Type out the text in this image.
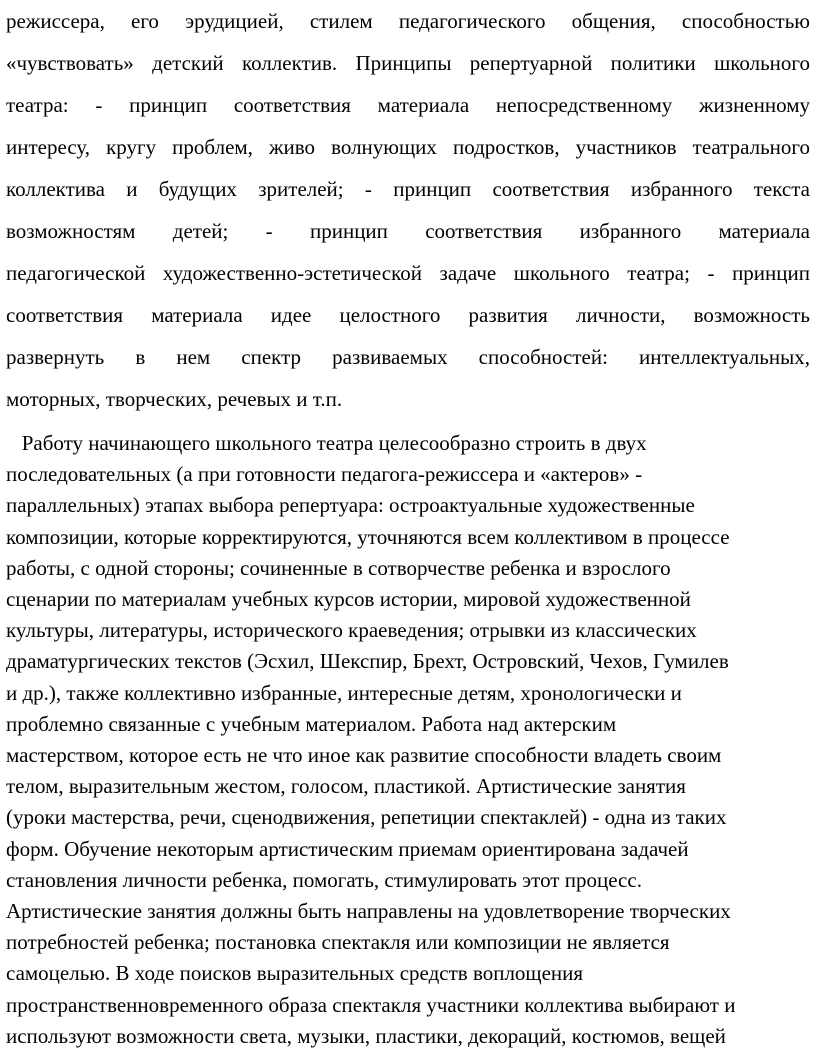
режиссера, его эрудицией, стилем педагогического общения, способностью
«чувствовать» детский коллектив. Принципы репертуарной политики школьного
театра: - принцип соответствия материала непосредственному жизненному
интересу, кругу проблем, живо волнующих подростков, участников театрального
коллектива и будущих зрителей; - принцип соответствия избранного текста
возможностям детей; - принцип соответствия избранного материала
педагогической художественно-эстетической задаче школьного театра; - принцип
соответствия материала идее целостного развития личности, возможность
развернуть в нем спектр развиваемых способностей: интеллектуальных,
моторных, творческих, речевых и т.п.
Работу начинающего школьного театра целесообразно строить в двух
последовательных (а при готовности педагога-режиссера и «актеров» -
параллельных) этапах выбора репертуара: остроактуальные художественные
композиции, которые корректируются, уточняются всем коллективом в процессе
работы, с одной стороны; сочиненные в сотворчестве ребенка и взрослого
сценарии по материалам учебных курсов истории, мировой художественной
культуры, литературы, исторического краеведения; отрывки из классических
драматургических текстов (Эсхил, Шекспир, Брехт, Островский, Чехов, Гумилев
и др.), также коллективно избранные, интересные детям, хронологически и
проблемно связанные с учебным материалом. Работа над актерским
мастерством, которое есть не что иное как развитие способности владеть своим
телом, выразительным жестом, голосом, пластикой. Артистические занятия
(уроки мастерства, речи, сценодвижения, репетиции спектаклей) - одна из таких
форм. Обучение некоторым артистическим приемам ориентирована задачей
становления личности ребенка, помогать, стимулировать этот процесс.
Артистические занятия должны быть направлены на удовлетворение творческих
потребностей ребенка; постановка спектакля или композиции не является
самоцелью. В ходе поисков выразительных средств воплощения
пространственновременного образа спектакля участники коллектива выбирают и
используют возможности света, музыки, пластики, декораций, костюмов, вещей
